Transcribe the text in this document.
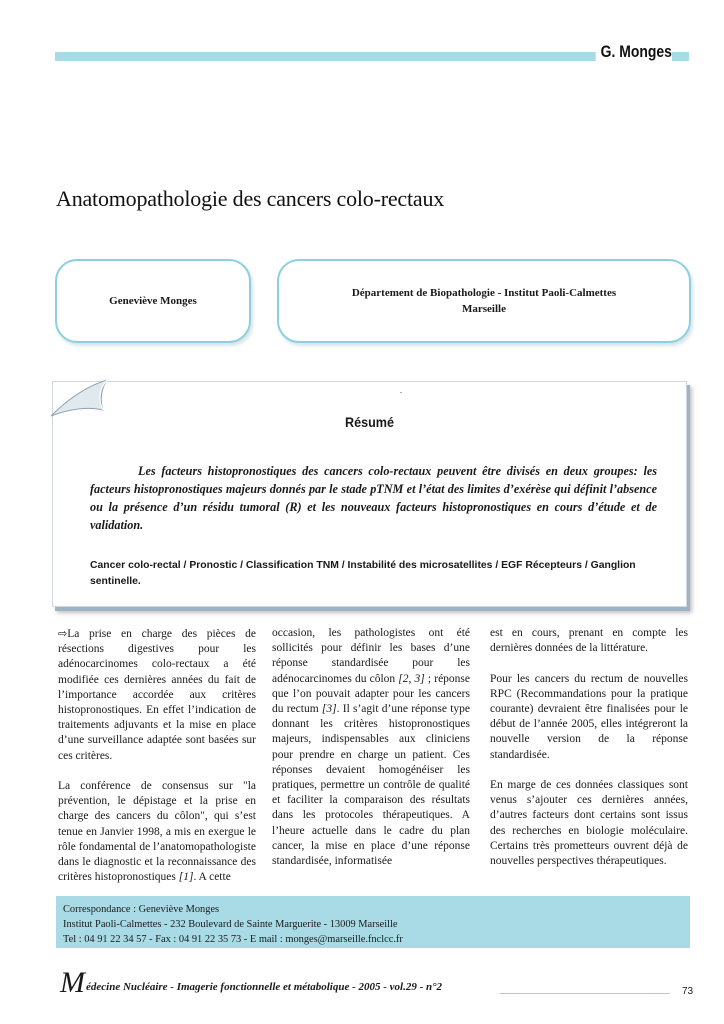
G. Monges
Anatomopathologie des cancers colo-rectaux
Geneviève Monges
Département de Biopathologie - Institut Paoli-Calmettes
Marseille
Résumé

Les facteurs histopronostiques des cancers colo-rectaux peuvent être divisés en deux groupes: les facteurs histopronostiques majeurs donnés par le stade pTNM et l’état des limites d’exérèse qui définit l’absence ou la présence d’un résidu tumoral (R) et les nouveaux facteurs histopronostiques en cours d’étude et de validation.

Cancer colo-rectal / Pronostic / Classification TNM / Instabilité des microsatellites / EGF Récepteurs / Ganglion sentinelle.

.

⇨La prise en charge des pièces de résections digestives pour les adénocarcinomes colo-rectaux a été modifiée ces dernières années du fait de l’importance accordée aux critères histopronostiques. En effet l’indication de traitements adjuvants et la mise en place d’une surveillance adaptée sont basées sur ces critères.

La conférence de consensus sur "la prévention, le dépistage et la prise en charge des cancers du côlon", qui s’est tenue en Janvier 1998, a mis en exergue le rôle fondamental de l’anatomopathologiste dans le diagnostic et la reconnaissance des critères histopronostiques [1]. A cette

occasion, les pathologistes ont été sollicités pour définir les bases d’une réponse standardisée pour les adénocarcinomes du côlon [2, 3] ; réponse que l’on pouvait adapter pour les cancers du rectum [3]. Il s’agit d’une réponse type donnant les critères histopronostiques majeurs, indispensables aux cliniciens pour prendre en charge un patient. Ces réponses devaient homogénéiser les pratiques, permettre un contrôle de qualité et faciliter la comparaison des résultats dans les protocoles thérapeutiques. A l’heure actuelle dans le cadre du plan cancer, la mise en place d’une réponse standardisée, informatisée

est en cours, prenant en compte les dernières données de la littérature.

Pour les cancers du rectum de nouvelles RPC (Recommandations pour la pratique courante) devraient être finalisées pour le début de l’année 2005, elles intégreront la nouvelle version de la réponse standardisée.

En marge de ces données classiques sont venus s’ajouter ces dernières années, d’autres facteurs dont certains sont issus des recherches en biologie moléculaire. Certains très prometteurs ouvrent déjà de nouvelles perspectives thérapeutiques.

Correspondance : Geneviève Monges
Institut Paoli-Calmettes - 232 Boulevard de Sainte Marguerite - 13009 Marseille
Tel : 04 91 22 34 57 - Fax : 04 91 22 35 73 - E mail : monges@marseille.fnclcc.fr
Médecine Nucléaire - Imagerie fonctionnelle et métabolique - 2005 - vol.29 - n°2	73
